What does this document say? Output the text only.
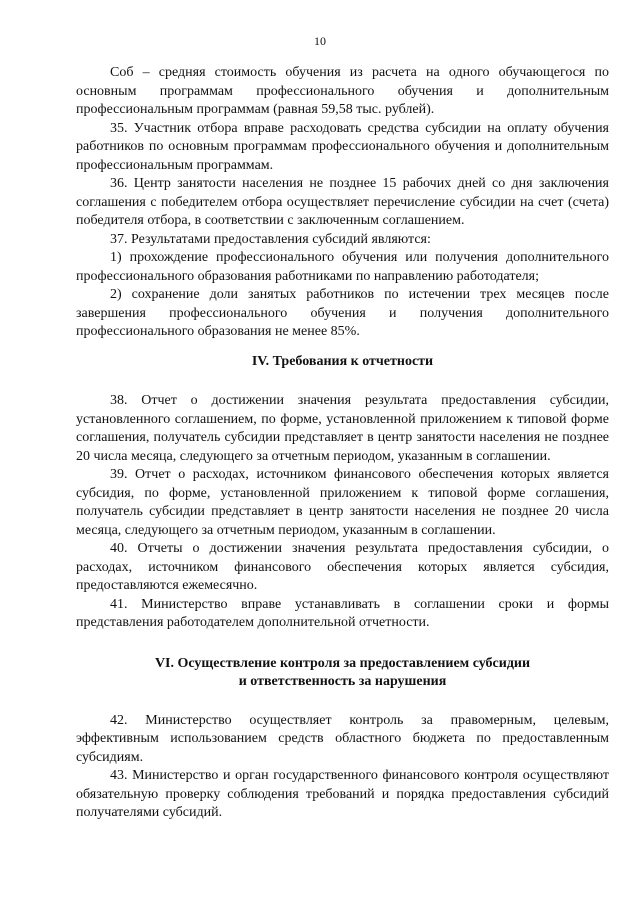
10

Соб – средняя стоимость обучения из расчета на одного обучающегося по основным программам профессионального обучения и дополнительным профессиональным программам (равная 59,58 тыс. рублей).

35. Участник отбора вправе расходовать средства субсидии на оплату обучения работников по основным программам профессионального обучения и дополнительным профессиональным программам.

36. Центр занятости населения не позднее 15 рабочих дней со дня заключения соглашения с победителем отбора осуществляет перечисление субсидии на счет (счета) победителя отбора, в соответствии с заключенным соглашением.

37. Результатами предоставления субсидий являются:

1) прохождение профессионального обучения или получения дополнительного профессионального образования работниками по направлению работодателя;

2) сохранение доли занятых работников по истечении трех месяцев после завершения профессионального обучения и получения дополнительного профессионального образования не менее 85%.

IV. Требования к отчетности

38. Отчет о достижении значения результата предоставления субсидии, установленного соглашением, по форме, установленной приложением к типовой форме соглашения, получатель субсидии представляет в центр занятости населения не позднее 20 числа месяца, следующего за отчетным периодом, указанным в соглашении.

39. Отчет о расходах, источником финансового обеспечения которых является субсидия, по форме, установленной приложением к типовой форме соглашения, получатель субсидии представляет в центр занятости населения не позднее 20 числа месяца, следующего за отчетным периодом, указанным в соглашении.

40. Отчеты о достижении значения результата предоставления субсидии, о расходах, источником финансового обеспечения которых является субсидия, предоставляются ежемесячно.

41. Министерство вправе устанавливать в соглашении сроки и формы представления работодателем дополнительной отчетности.

VI. Осуществление контроля за предоставлением субсидии
и ответственность за нарушения

42. Министерство осуществляет контроль за правомерным, целевым, эффективным использованием средств областного бюджета по предоставленным субсидиям.

43. Министерство и орган государственного финансового контроля осуществляют обязательную проверку соблюдения требований и порядка предоставления субсидий получателями субсидий.
